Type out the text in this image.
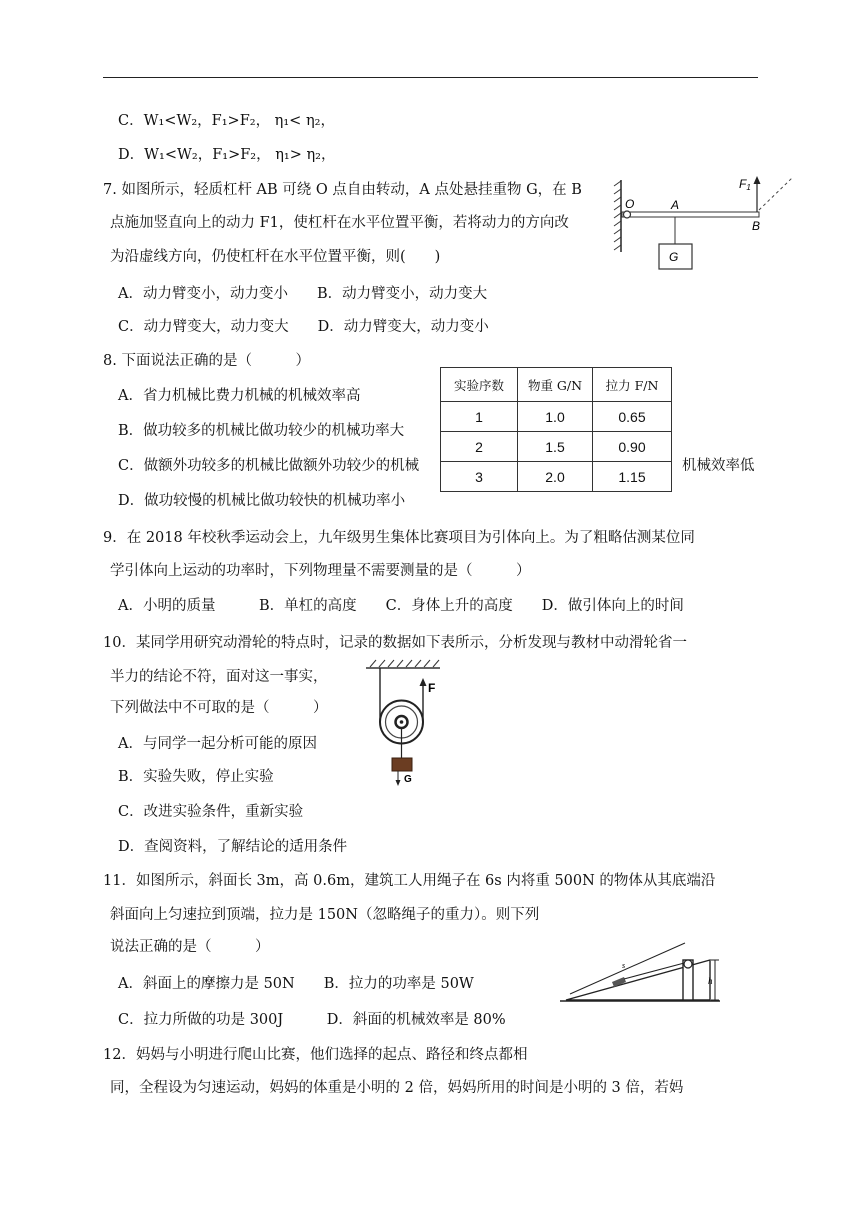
C．W₁<W₂，F₁>F₂， η₁< η₂，
D．W₁<W₂，F₁>F₂， η₁> η₂，
7. 如图所示，轻质杠杆 AB 可绕 O 点自由转动，A 点处悬挂重物 G，在 B
点施加竖直向上的动力 F1，使杠杆在水平位置平衡，若将动力的方向改
为沿虚线方向，仍使杠杆在水平位置平衡，则(　　)
A．动力臂变小，动力变小　　B．动力臂变小，动力变大
C．动力臂变大，动力变大　　D．动力臂变大，动力变小
O	A
B
G
F1
8. 下面说法正确的是（　　　）
A．省力机械比费力机械的机械效率高
B．做功较多的机械比做功较少的机械功率大
C．做额外功较多的机械比做额外功较少的机械	机械效率低
D．做功较慢的机械比做功较快的机械功率小
实验序数	物重 G/N	拉力 F/N
1	1.0	0.65
2	1.5	0.90
3	2.0	1.15
9．在 2018 年校秋季运动会上，九年级男生集体比赛项目为引体向上。为了粗略估测某位同
学引体向上运动的功率时，下列物理量不需要测量的是（　　　）
A．小明的质量　　　B．单杠的高度　　C．身体上升的高度　　D．做引体向上的时间
10．某同学用研究动滑轮的特点时，记录的数据如下表所示，分析发现与教材中动滑轮省一
半力的结论不符，面对这一事实，
下列做法中不可取的是（　　　）
A．与同学一起分析可能的原因
B．实验失败，停止实验
C．改进实验条件，重新实验
D．查阅资料，了解结论的适用条件
F
G
11．如图所示，斜面长 3m，高 0.6m，建筑工人用绳子在 6s 内将重 500N 的物体从其底端沿
斜面向上匀速拉到顶端，拉力是 150N（忽略绳子的重力）。则下列
说法正确的是（　　　）
A．斜面上的摩擦力是 50N　　B．拉力的功率是 50W
C．拉力所做的功是 300J　　　D．斜面的机械效率是 80%
s
h
12．妈妈与小明进行爬山比赛，他们选择的起点、路径和终点都相
同，全程设为匀速运动，妈妈的体重是小明的 2 倍，妈妈所用的时间是小明的 3 倍，若妈
